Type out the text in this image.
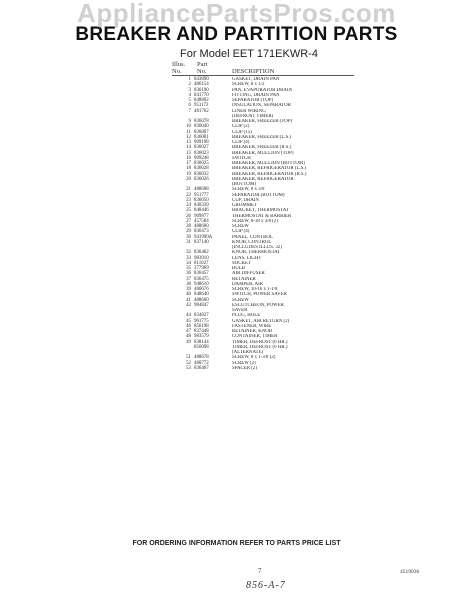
AppliancePartsPros.com
BREAKER AND PARTITION PARTS
For Model EET 171EKWR-4
Illus. Part
No. No.	DESCRIPTION
1 843890	GASKET, DRAIN PAN
2 486154	SCREW, 8 x 1/2
3 836190	PAN, EVAPORATOR DRAIN
4 841770	FITTING, DRAIN PAN
5 848802	SEPARATOR (TOP)
6 951172	INSULATION, SEPARATOR
7 481762	LINER WIRING
(DEFROST TIMER)
9 836078	BREAKER, FREEZER (TOP)
10 836040	CLIP (2)
11 836807	CLIP (15)
12 836081	BREAKER, FREEZER (L.S.)
13 909198	CLIP (4)
14 836027	BREAKER, FREEZER (R.S.)
15 836023	BREAKER, MULLION (TOP)
16 909248	SWITCH
17 836025	BREAKER, MULLION (BOTTOM)
18 836028	BREAKER, REFRIGERATOR (L.S.)
19 836032	BREAKER, REFRIGERATOR (R.S.)
20 836026	BREAKER, REFRIGERATOR
(BOTTOM)
21 488608	SCREW, 8 x 3/8
22 951777	SEPARATOR (BOTTOM)
23 836050	CUP, DRAIN
24 840339	GROMMET
25 848446	BRACKET, THERMOSTAT
26 909877	THERMOSTAT & BARRIER
27 457584	SCREW, 8-18 x 3/8 (2)
28 488600	SCREW
29 836473	CLIP (4)
30 941990A	PANEL, CONTROL
31 837140	KNOB, CONTROL
(INCLUDES ILLUS. 32)
32 836482	KNOB, THERMOSTAT
33 983910	LENS, LIGHT
34 811027	SOCKET
35 377969	BULB
36 836457	AIR DIFFUSER
37 836475	RETAINER
38 948610	DAMPER, AIR
39 486676	SCREW, 10-16 x 1-1/8
40 848640	SWITCH, POWER SAVER
41 488600	SCREW
42 984847	ESCUTCHEON, POWER
SAVER
44 834827	PLUG, HOLE
45 961775	GASKET, AIR RETURN (2)
46 856198	FASTENER, WIRE
47 837448	RETAINER, KNOB
48 983579	CONTAINER, TIMER
49 838144	TIMER, DEFROST (6 HR.)
856098	TIMER, DEFROST (6 HR.)
(ALTERNATE)
51 488678	SCREW, 8 x 1-3/8 (2)
52 488772	SCREW (2)
53 836467	SPACER (2)
FOR ORDERING INFORMATION REFER TO PARTS PRICE LIST
7	4519036
856-A-7
